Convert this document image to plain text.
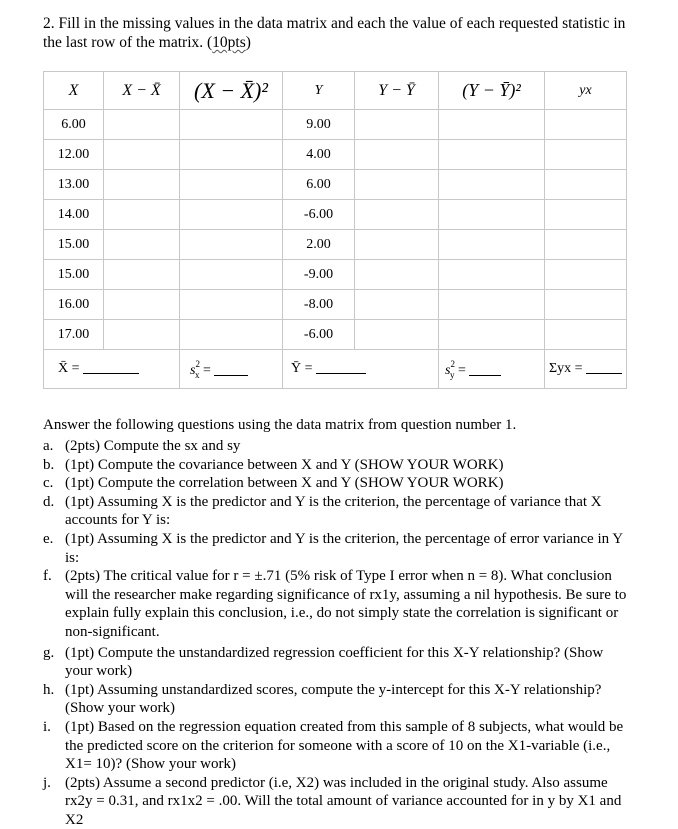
2. Fill in the missing values in the data matrix and each the value of each requested statistic in the last row of the matrix. (10pts)
X	X − X̄	(X − X̄)²	Y	Y − Ȳ	(Y − Ȳ)²	yx
6.00			9.00			
12.00			4.00			
13.00			6.00			
14.00			-6.00			
15.00			2.00			
15.00			-9.00			
16.00			-8.00			
17.00			-6.00			
X̄ =		$s^2_x$ =	Ȳ =		$s^2_y$ =	Σyx =
Answer the following questions using the data matrix from question number 1.
a. (2pts) Compute the sx and sy
b. (1pt) Compute the covariance between X and Y (SHOW YOUR WORK)
c. (1pt) Compute the correlation between X and Y (SHOW YOUR WORK)
d. (1pt) Assuming X is the predictor and Y is the criterion, the percentage of variance that X accounts for Y is:
e. (1pt) Assuming X is the predictor and Y is the criterion, the percentage of error variance in Y is:
f. (2pts) The critical value for r = ±.71 (5% risk of Type I error when n = 8). What conclusion will the researcher make regarding significance of rx1y, assuming a nil hypothesis. Be sure to explain fully explain this conclusion, i.e., do not simply state the correlation is significant or non-significant.
g. (1pt) Compute the unstandardized regression coefficient for this X-Y relationship? (Show your work)
h. (1pt) Assuming unstandardized scores, compute the y-intercept for this X-Y relationship? (Show your work)
i. (1pt) Based on the regression equation created from this sample of 8 subjects, what would be the predicted score on the criterion for someone with a score of 10 on the X1-variable (i.e., X1= 10)? (Show your work)
j. (2pts) Assume a second predictor (i.e, X2) was included in the original study. Also assume rx2y = 0.31, and rx1x2 = .00. Will the total amount of variance accounted for in y by X1 and X2
